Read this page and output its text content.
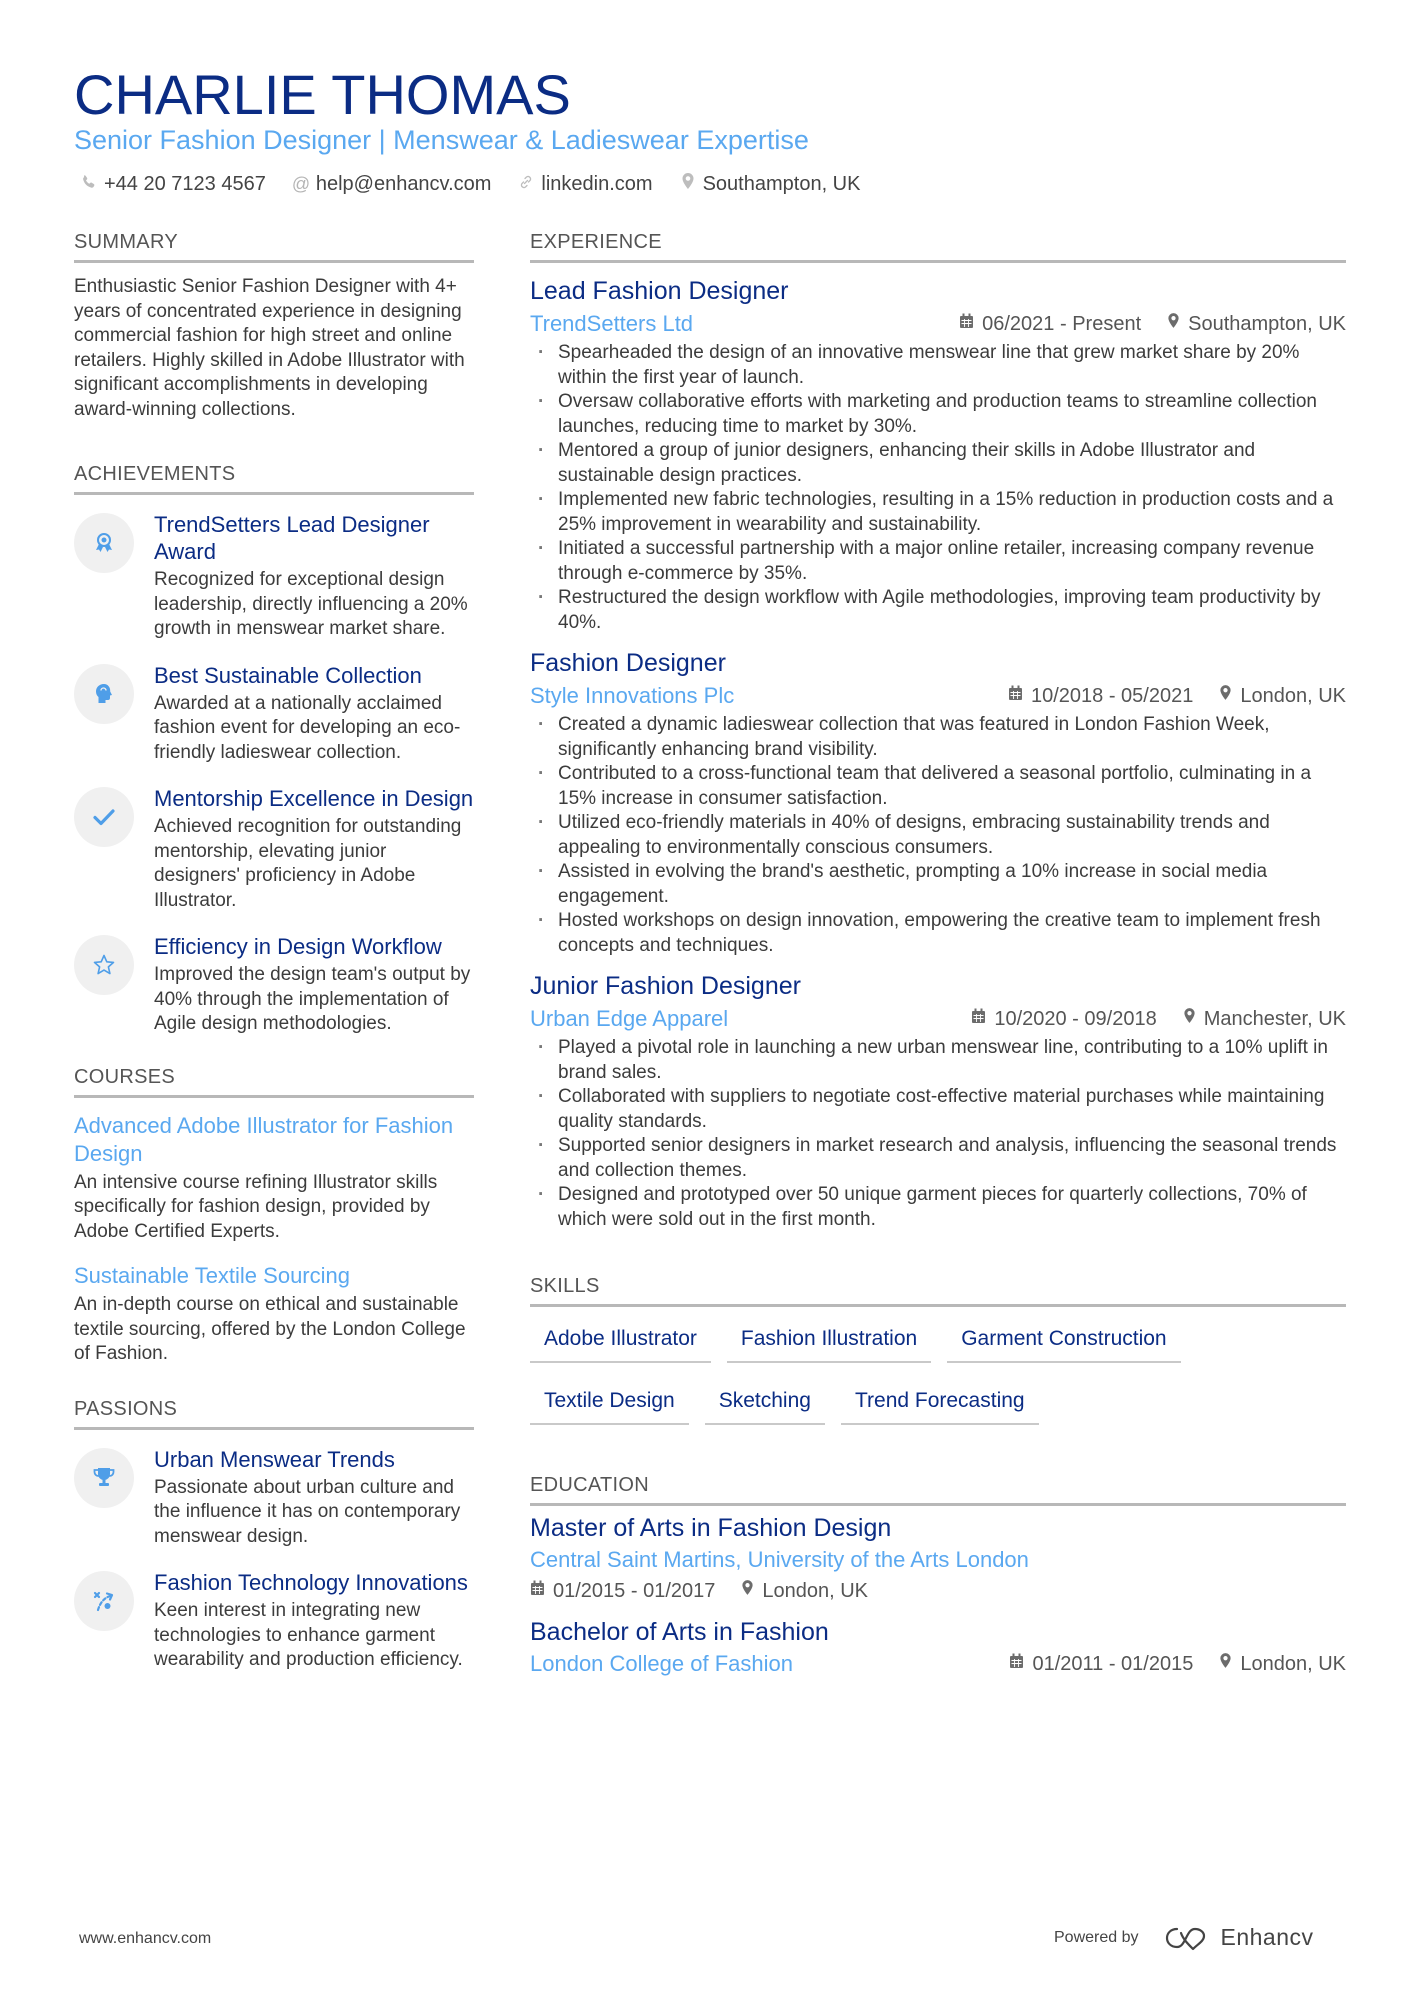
CHARLIE THOMAS
Senior Fashion Designer | Menswear & Ladieswear Expertise
+44 20 7123 4567 @ help@enhancv.com	linkedin.com	Southampton, UK
SUMMARY
Enthusiastic Senior Fashion Designer with 4+ years of concentrated experience in designing commercial fashion for high street and online retailers. Highly skilled in Adobe Illustrator with significant accomplishments in developing award-winning collections.
ACHIEVEMENTS
TrendSetters Lead Designer Award
Recognized for exceptional design leadership, directly influencing a 20% growth in menswear market share.
Best Sustainable Collection
Awarded at a nationally acclaimed fashion event for developing an eco-friendly ladieswear collection.
Mentorship Excellence in Design
Achieved recognition for outstanding mentorship, elevating junior designers' proficiency in Adobe Illustrator.
Efficiency in Design Workflow
Improved the design team's output by 40% through the implementation of Agile design methodologies.
COURSES
Advanced Adobe Illustrator for Fashion Design
An intensive course refining Illustrator skills specifically for fashion design, provided by Adobe Certified Experts.
Sustainable Textile Sourcing
An in-depth course on ethical and sustainable textile sourcing, offered by the London College of Fashion.
PASSIONS
Urban Menswear Trends
Passionate about urban culture and the influence it has on contemporary menswear design.
Fashion Technology Innovations
Keen interest in integrating new technologies to enhance garment wearability and production efficiency.
EXPERIENCE
Lead Fashion Designer
TrendSetters Ltd	06/2021 - Present Southampton, UK
· Spearheaded the design of an innovative menswear line that grew market share by 20% within the first year of launch.
· Oversaw collaborative efforts with marketing and production teams to streamline collection launches, reducing time to market by 30%.
· Mentored a group of junior designers, enhancing their skills in Adobe Illustrator and sustainable design practices.
· Implemented new fabric technologies, resulting in a 15% reduction in production costs and a 25% improvement in wearability and sustainability.
· Initiated a successful partnership with a major online retailer, increasing company revenue through e-commerce by 35%.
· Restructured the design workflow with Agile methodologies, improving team productivity by 40%.
Fashion Designer
Style Innovations Plc	10/2018 - 05/2021 London, UK
· Created a dynamic ladieswear collection that was featured in London Fashion Week, significantly enhancing brand visibility.
· Contributed to a cross-functional team that delivered a seasonal portfolio, culminating in a 15% increase in consumer satisfaction.
· Utilized eco-friendly materials in 40% of designs, embracing sustainability trends and appealing to environmentally conscious consumers.
· Assisted in evolving the brand's aesthetic, prompting a 10% increase in social media engagement.
· Hosted workshops on design innovation, empowering the creative team to implement fresh concepts and techniques.
Junior Fashion Designer
Urban Edge Apparel	10/2020 - 09/2018 Manchester, UK
· Played a pivotal role in launching a new urban menswear line, contributing to a 10% uplift in brand sales.
· Collaborated with suppliers to negotiate cost-effective material purchases while maintaining quality standards.
· Supported senior designers in market research and analysis, influencing the seasonal trends and collection themes.
· Designed and prototyped over 50 unique garment pieces for quarterly collections, 70% of which were sold out in the first month.
SKILLS
Adobe Illustrator	Fashion Illustration	Garment Construction
Textile Design	Sketching	Trend Forecasting
EDUCATION
Master of Arts in Fashion Design
Central Saint Martins, University of the Arts London
01/2015 - 01/2017 London, UK
Bachelor of Arts in Fashion
London College of Fashion	01/2011 - 01/2015 London, UK
www.enhancv.com	Powered by	Enhancv
